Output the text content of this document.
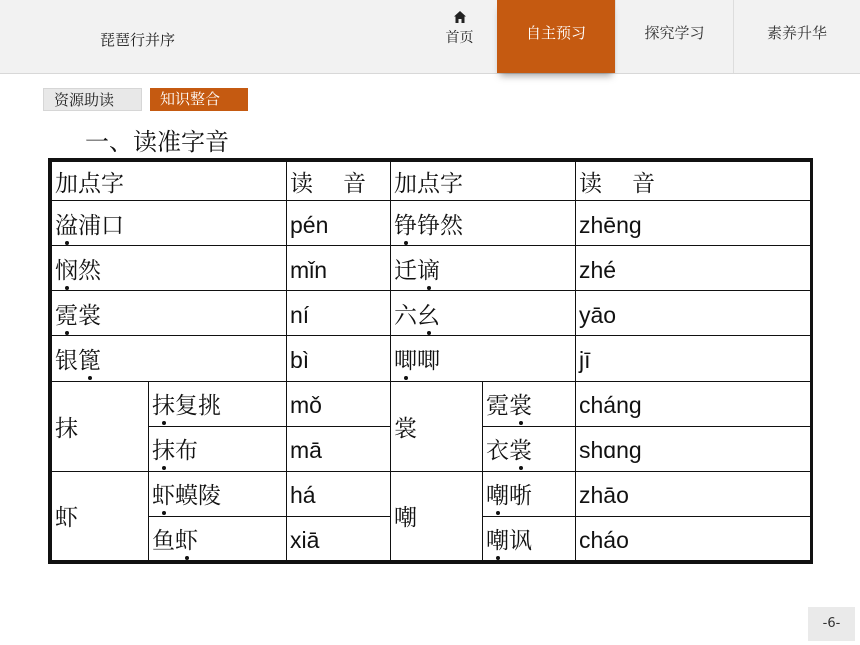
琵琶行并序	首页	自主预习	探究学习	素养升华
资源助读	知识整合
一、读准字音
加点字		读 音	加点字		读 音
湓浦口		pén	铮铮然		zhēng
悯然		mǐn	迁谪		zhé
霓裳		ní	六幺		yāo
银篦		bì	唧唧		jī
抹	抹复挑	mǒ	裳	霓裳	cháng
	抹布	mā		衣裳	shɑng
虾	虾蟆陵	há	嘲	嘲哳	zhāo
	鱼虾	xiā		嘲讽	cháo
-6-
